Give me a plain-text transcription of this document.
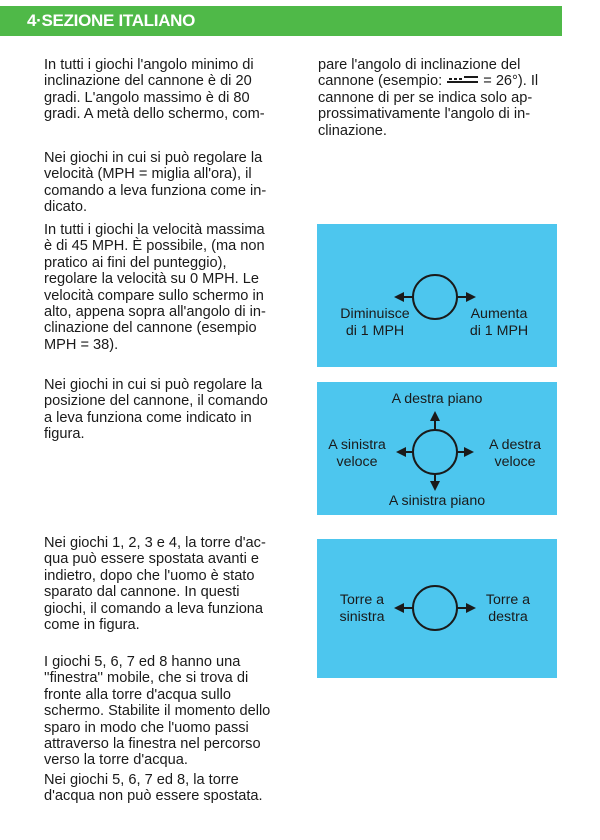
4·SEZIONE ITALIANO

In tutti i giochi l'angolo minimo di
inclinazione del cannone è di 20
gradi. L'angolo massimo è di 80
gradi. A metà dello schermo, com-

pare l'angolo di inclinazione del
cannone (esempio:	= 26°). Il
cannone di per se indica solo ap-
prossimativamente l'angolo di in-
clinazione.

Nei giochi in cui si può regolare la
velocità (MPH = miglia all'ora), il
comando a leva funziona come in-
dicato.

In tutti i giochi la velocità massima
è di 45 MPH. È possibile, (ma non
pratico ai fini del punteggio),
regolare la velocità su 0 MPH. Le
velocità compare sullo schermo in
alto, appena sopra all'angolo di in-
clinazione del cannone (esempio
MPH = 38).

Nei giochi in cui si può regolare la
posizione del cannone, il comando
a leva funziona come indicato in
figura.

Nei giochi 1, 2, 3 e 4, la torre d'ac-
qua può essere spostata avanti e
indietro, dopo che l'uomo è stato
sparato dal cannone. In questi
giochi, il comando a leva funziona
come in figura.

I giochi 5, 6, 7 ed 8 hanno una
''finestra'' mobile, che si trova di
fronte alla torre d'acqua sullo
schermo. Stabilite il momento dello
sparo in modo che l'uomo passi
attraverso la finestra nel percorso
verso la torre d'acqua.

Nei giochi 5, 6, 7 ed 8, la torre
d'acqua non può essere spostata.

Diminuisce
di 1 MPH
Aumenta
di 1 MPH
A destra piano
A sinistra piano
A sinistra
veloce
A destra
veloce
Torre a
sinistra
Torre a
destra
